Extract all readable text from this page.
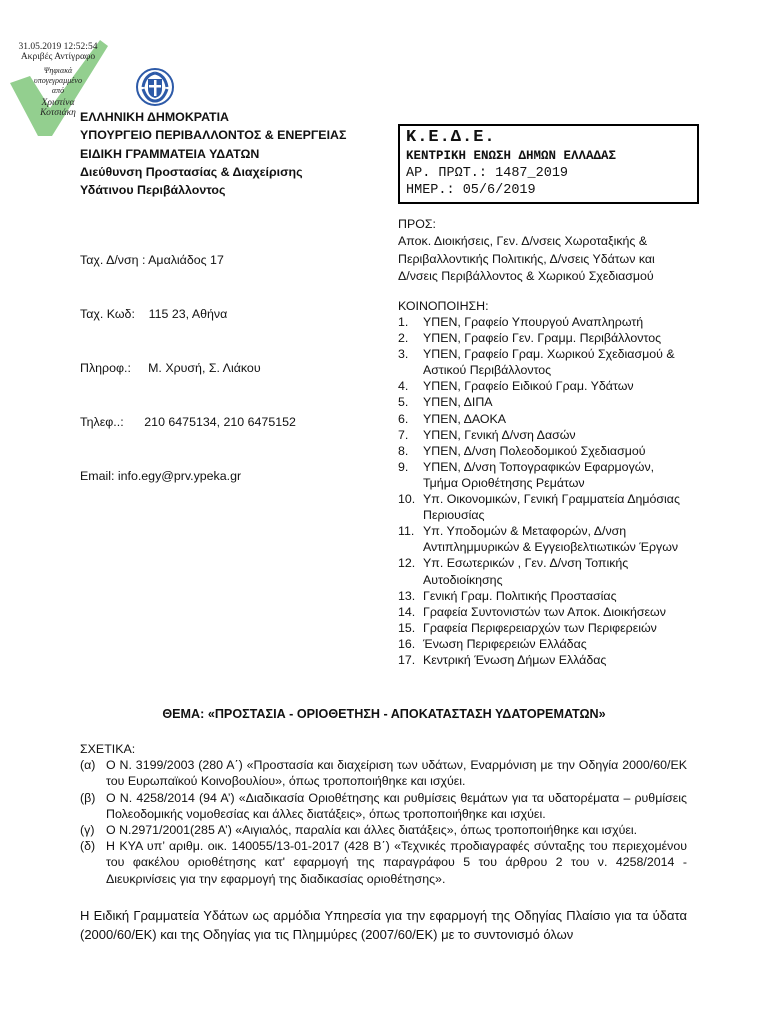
31.05.2019 12:52:54
Ακριβές Αντίγραφο
Ψηφιακά υπογεγραμμένο από
Χριστίνα Κοτσιάκη ΕΛΛΗΝΙΚΗ ΔΗΜΟΚΡΑΤΙΑ
ΥΠΟΥΡΓΕΙΟ ΠΕΡΙΒΑΛΛΟΝΤΟΣ & ΕΝΕΡΓΕΙΑΣ
ΕΙΔΙΚΗ ΓΡΑΜΜΑΤΕΙΑ ΥΔΑΤΩΝ
Διεύθυνση Προστασίας & Διαχείρισης
Υδάτινου Περιβάλλοντος

Ταχ. Δ/νση : Αμαλιάδος 17

Ταχ. Κωδ:    115 23, Αθήνα

Πληροφ.:     Μ. Χρυσή, Σ. Λιάκου

Τηλεφ..:      210 6475134, 210 6475152

Email: info.egy@prv.ypeka.gr

Κ.Ε.Δ.Ε.
ΚΕΝΤΡΙΚΗ ΕΝΩΣΗ ΔΗΜΩΝ ΕΛΛΑΔΑΣ
ΑΡ. ΠΡΩΤ.: 1487_2019
ΗΜΕΡ.: 05/6/2019
ΠΡΟΣ:
Αποκ. Διοικήσεις, Γεν. Δ/νσεις Χωροταξικής &
Περιβαλλοντικής Πολιτικής, Δ/νσεις Υδάτων και
Δ/νσεις Περιβάλλοντος & Χωρικού Σχεδιασμού
ΚΟΙΝΟΠΟΙΗΣΗ:
1.	ΥΠΕΝ, Γραφείο Υπουργού Αναπληρωτή
2.	ΥΠΕΝ, Γραφείο Γεν. Γραμμ. Περιβάλλοντος
3.	ΥΠΕΝ, Γραφείο Γραμ. Χωρικού Σχεδιασμού &
Αστικού Περιβάλλοντος
4.	ΥΠΕΝ, Γραφείο Ειδικού Γραμ. Υδάτων
5.	ΥΠΕΝ, ΔΙΠΑ
6.	ΥΠΕΝ, ΔΑΟΚΑ
7.	ΥΠΕΝ, Γενική Δ/νση Δασών
8.	ΥΠΕΝ, Δ/νση Πολεοδομικού Σχεδιασμού
9.	ΥΠΕΝ, Δ/νση Τοπογραφικών Εφαρμογών,
Τμήμα Οριοθέτησης Ρεμάτων
10. Υπ. Οικονομικών, Γενική Γραμματεία Δημόσιας
Περιουσίας
11. Υπ. Υποδομών & Μεταφορών, Δ/νση
Αντιπλημμυρικών & Εγγειοβελτιωτικών Έργων
12. Υπ. Εσωτερικών , Γεν. Δ/νση Τοπικής
Αυτοδιοίκησης
13. Γενική Γραμ. Πολιτικής Προστασίας
14. Γραφεία Συντονιστών των Αποκ. Διοικήσεων
15. Γραφεία Περιφερειαρχών των Περιφερειών
16. Ένωση Περιφερειών Ελλάδας
17. Κεντρική Ένωση Δήμων Ελλάδας
ΘΕΜΑ: «ΠΡΟΣΤΑΣΙΑ - ΟΡΙΟΘΕΤΗΣΗ - ΑΠΟΚΑΤΑΣΤΑΣΗ ΥΔΑΤΟΡΕΜΑΤΩΝ»
ΣΧΕΤΙΚΑ:
(α) Ο Ν. 3199/2003 (280 Α΄) «Προστασία και διαχείριση των υδάτων, Εναρμόνιση με την Οδηγία 2000/60/ΕΚ του Ευρωπαϊκού Κοινοβουλίου», όπως τροποποιήθηκε και ισχύει.
(β) Ο Ν. 4258/2014 (94 Α’) «Διαδικασία Οριοθέτησης και ρυθμίσεις θεμάτων για τα υδατορέματα – ρυθμίσεις Πολεοδομικής νομοθεσίας και άλλες διατάξεις», όπως τροποποιήθηκε και ισχύει.
(γ) Ο Ν.2971/2001(285 Α’) «Αιγιαλός, παραλία και άλλες διατάξεις», όπως τροποποιήθηκε και ισχύει.
(δ) Η ΚΥΑ υπ’ αριθμ. οικ. 140055/13-01-2017 (428 Β΄) «Τεχνικές προδιαγραφές σύνταξης του περιεχομένου του φακέλου οριοθέτησης κατ' εφαρμογή της παραγράφου 5 του άρθρου 2 του ν. 4258/2014 - Διευκρινίσεις για την εφαρμογή της διαδικασίας οριοθέτησης».
Η Ειδική Γραμματεία Υδάτων ως αρμόδια Υπηρεσία για την εφαρμογή της Οδηγίας Πλαίσιο για τα ύδατα (2000/60/ΕΚ) και της Οδηγίας για τις Πλημμύρες (2007/60/ΕΚ) με το συντονισμό όλων
